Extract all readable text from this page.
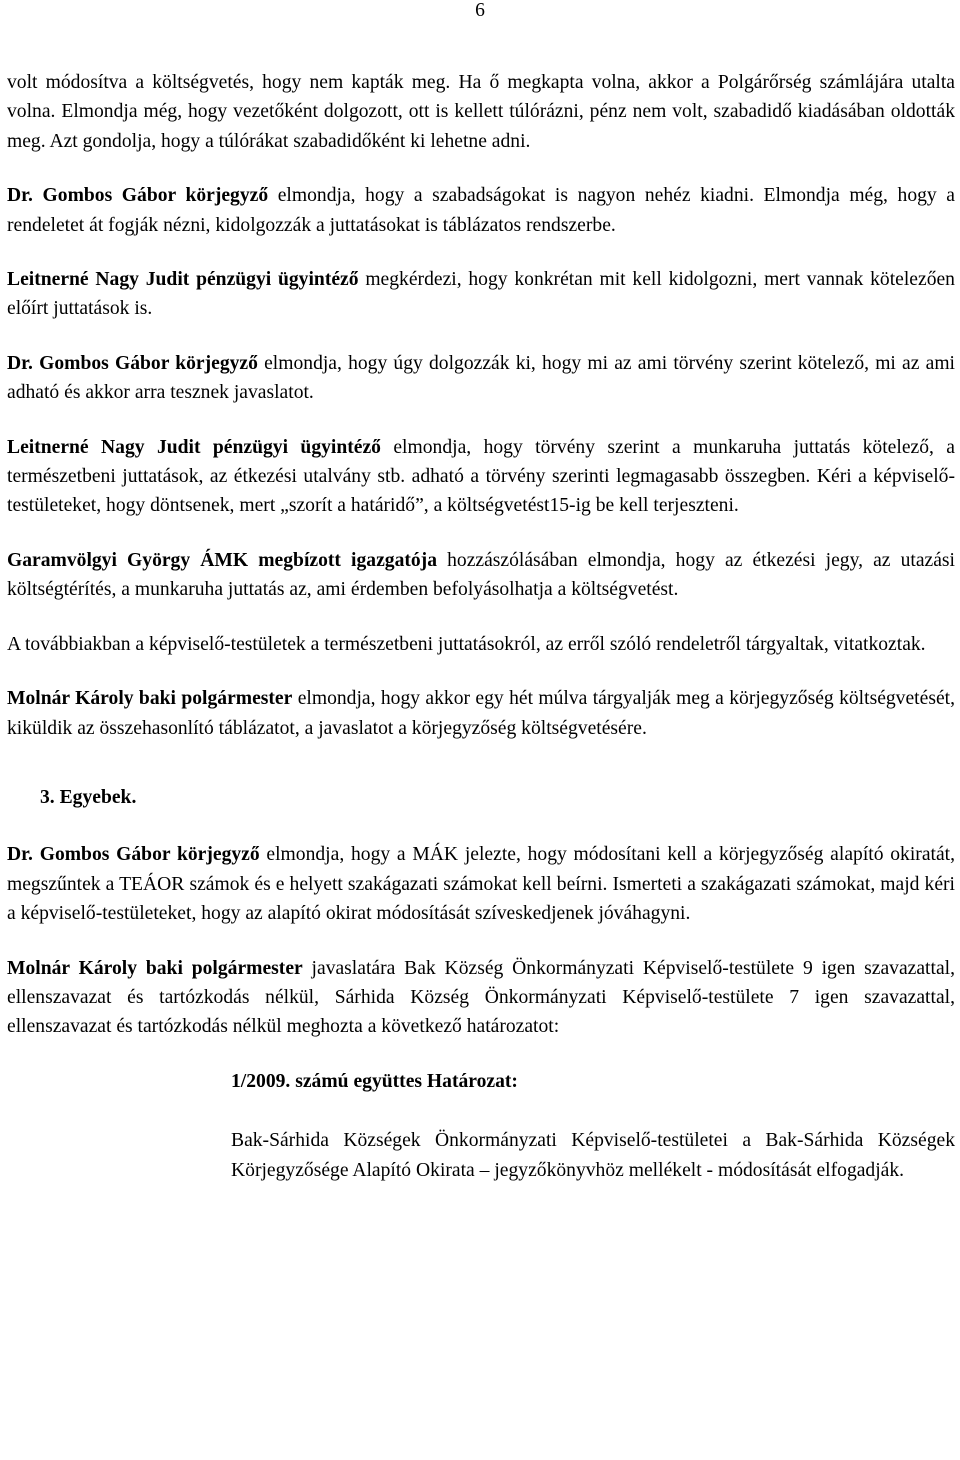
6

volt módosítva a költségvetés, hogy nem kapták meg. Ha ő megkapta volna, akkor a Polgárőrség számlájára utalta volna. Elmondja még, hogy vezetőként dolgozott, ott is kellett túlórázni, pénz nem volt, szabadidő kiadásában oldották meg. Azt gondolja, hogy a túlórákat szabadidőként ki lehetne adni.

Dr. Gombos Gábor körjegyző elmondja, hogy a szabadságokat is nagyon nehéz kiadni. Elmondja még, hogy a rendeletet át fogják nézni, kidolgozzák a juttatásokat is táblázatos rendszerbe.

Leitnerné Nagy Judit pénzügyi ügyintéző megkérdezi, hogy konkrétan mit kell kidolgozni, mert vannak kötelezően előírt juttatások is.

Dr. Gombos Gábor körjegyző elmondja, hogy úgy dolgozzák ki, hogy mi az ami törvény szerint kötelező, mi az ami adható és akkor arra tesznek javaslatot.

Leitnerné Nagy Judit pénzügyi ügyintéző elmondja, hogy törvény szerint a munkaruha juttatás kötelező, a természetbeni juttatások, az étkezési utalvány stb. adható a törvény szerinti legmagasabb összegben. Kéri a képviselő-testületeket, hogy döntsenek, mert „szorít a határidő”, a költségvetést15-ig be kell terjeszteni.

Garamvölgyi György ÁMK megbízott igazgatója hozzászólásában elmondja, hogy az étkezési jegy, az utazási költségtérítés, a munkaruha juttatás az, ami érdemben befolyásolhatja a költségvetést.

A továbbiakban a képviselő-testületek a természetbeni juttatásokról, az erről szóló rendeletről tárgyaltak, vitatkoztak.

Molnár Károly baki polgármester elmondja, hogy akkor egy hét múlva tárgyalják meg a körjegyzőség költségvetését, kiküldik az összehasonlító táblázatot, a javaslatot a körjegyzőség költségvetésére.

3. Egyebek.

Dr. Gombos Gábor körjegyző elmondja, hogy a MÁK jelezte, hogy módosítani kell a körjegyzőség alapító okiratát, megszűntek a TEÁOR számok és e helyett szakágazati számokat kell beírni. Ismerteti a szakágazati számokat, majd kéri a képviselő-testületeket, hogy az alapító okirat módosítását szíveskedjenek jóváhagyni.

Molnár Károly baki polgármester javaslatára Bak Község Önkormányzati Képviselő-testülete 9 igen szavazattal, ellenszavazat és tartózkodás nélkül, Sárhida Község Önkormányzati Képviselő-testülete 7 igen szavazattal, ellenszavazat és tartózkodás nélkül meghozta a következő határozatot:

1/2009. számú együttes Határozat:
Bak-Sárhida Községek Önkormányzati Képviselő-testületei a Bak-Sárhida Községek Körjegyzősége Alapító Okirata – jegyzőkönyvhöz mellékelt - módosítását elfogadják.
